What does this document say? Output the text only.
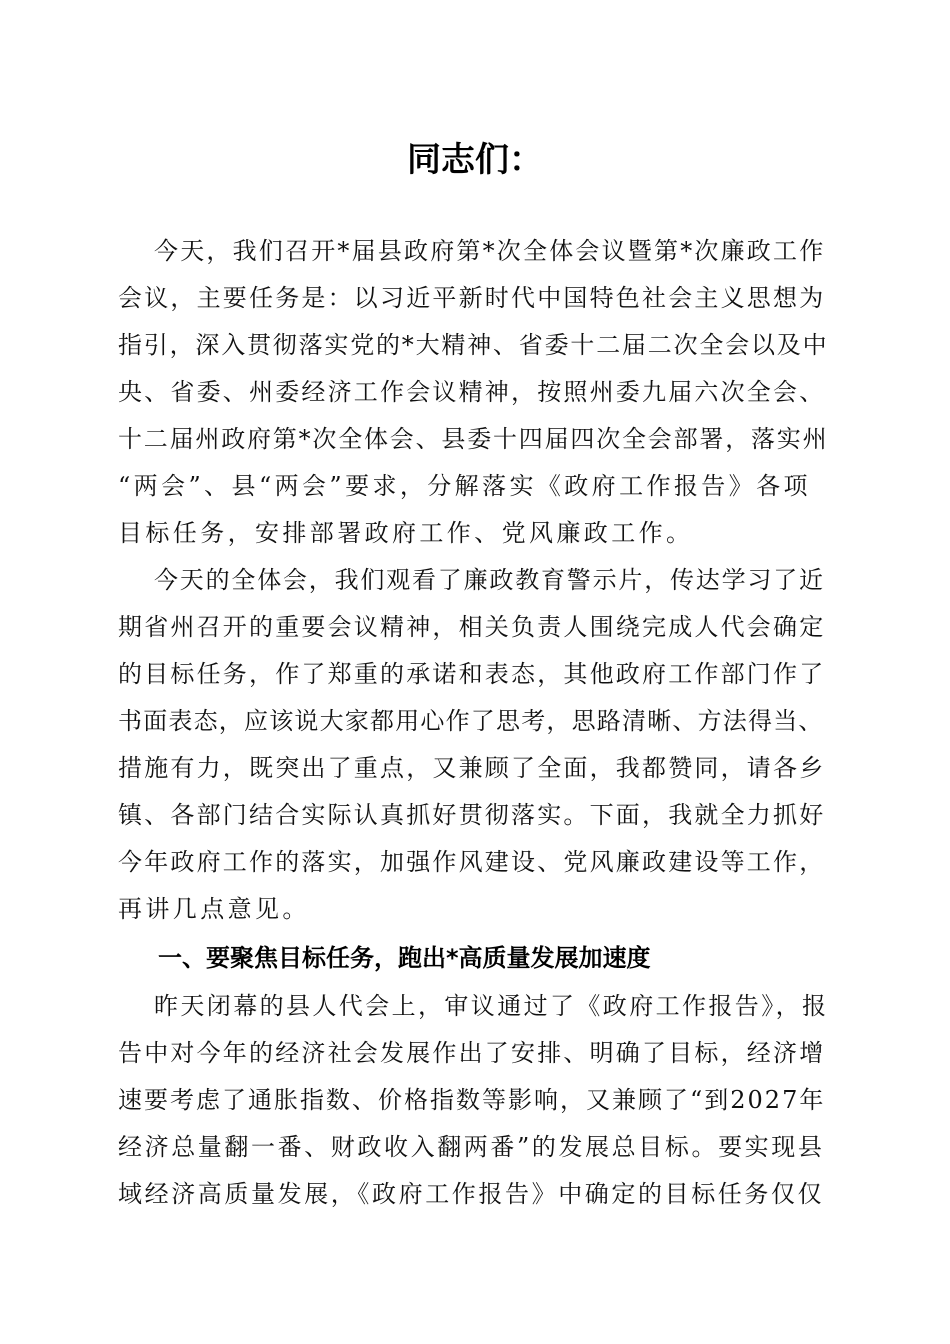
同志们：
今天，我们召开*届县政府第*次全体会议暨第*次廉政工作
会议，主要任务是：以习近平新时代中国特色社会主义思想为
指引，深入贯彻落实党的*大精神、省委十二届二次全会以及中
央、省委、州委经济工作会议精神，按照州委九届六次全会、
十二届州政府第*次全体会、县委十四届四次全会部署，落实州
“两会”、县“两会”要求，分解落实《政府工作报告》各项
目标任务，安排部署政府工作、党风廉政工作。
今天的全体会，我们观看了廉政教育警示片，传达学习了近
期省州召开的重要会议精神，相关负责人围绕完成人代会确定
的目标任务，作了郑重的承诺和表态，其他政府工作部门作了
书面表态，应该说大家都用心作了思考，思路清晰、方法得当、
措施有力，既突出了重点，又兼顾了全面，我都赞同，请各乡
镇、各部门结合实际认真抓好贯彻落实。下面，我就全力抓好
今年政府工作的落实，加强作风建设、党风廉政建设等工作，
再讲几点意见。
一、要聚焦目标任务，跑出*高质量发展加速度
昨天闭幕的县人代会上，审议通过了《政府工作报告》，报
告中对今年的经济社会发展作出了安排、明确了目标，经济增
速要考虑了通胀指数、价格指数等影响，又兼顾了“到2027年
经济总量翻一番、财政收入翻两番”的发展总目标。要实现县
域经济高质量发展，《政府工作报告》中确定的目标任务仅仅
